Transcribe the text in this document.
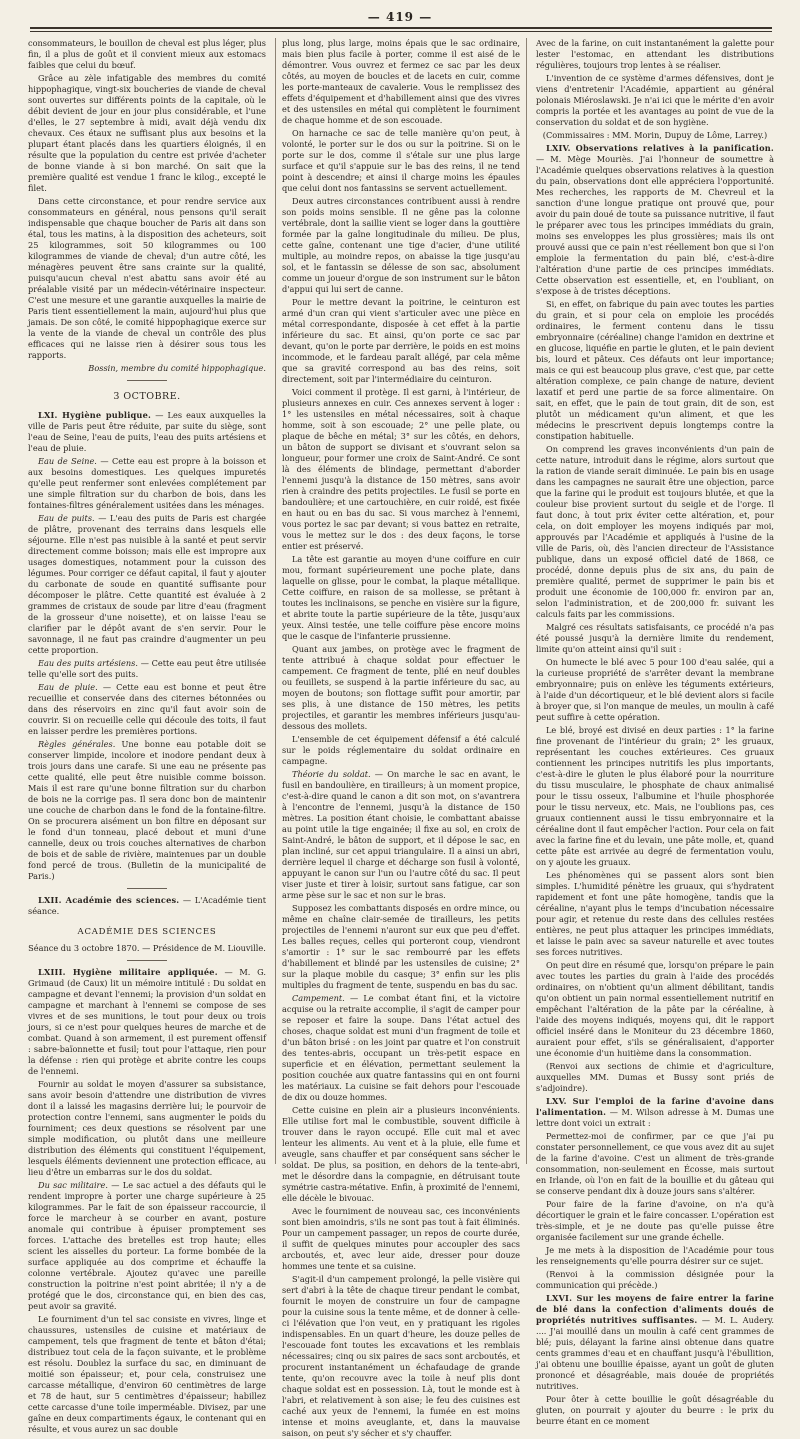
— 419 —

consommateurs, le bouillon de cheval est plus léger, plus fin, il a plus de goût et il convient mieux aux estomacs faibles que celui du bœuf.

Grâce au zèle infatigable des membres du comité hippophagique, vingt-six boucheries de viande de cheval sont ouvertes sur différents points de la capitale, où le débit devient de jour en jour plus considérable, et l'une d'elles, le 27 septembre à midi, avait déjà vendu dix chevaux. Ces étaux ne suffisant plus aux besoins et la plupart étant placés dans les quartiers éloignés, il en résulte que la population du centre est privée d'acheter de bonne viande à si bon marché. On sait que la première qualité est vendue 1 franc le kilog., excepté le filet.

Dans cette circonstance, et pour rendre service aux consommateurs en général, nous pensons qu'il serait indispensable que chaque boucher de Paris ait dans son étal, tous les matins, à la disposition des acheteurs, soit 25 kilogrammes, soit 50 kilogrammes ou 100 kilogrammes de viande de cheval; d'un autre côté, les ménagères peuvent être sans crainte sur la qualité, puisqu'aucun cheval n'est abattu sans avoir été au préalable visité par un médecin-vétérinaire inspecteur. C'est une mesure et une garantie auxquelles la mairie de Paris tient essentiellement la main, aujourd'hui plus que jamais. De son côté, le comité hippophagique exerce sur la vente de la viande de cheval un contrôle des plus efficaces qui ne laisse rien à désirer sous tous les rapports.

Bossin, membre du comité hippophagique.

3 OCTOBRE.

LXI. Hygiène publique. — Les eaux auxquelles la ville de Paris peut être réduite, par suite du siège, sont l'eau de Seine, l'eau de puits, l'eau des puits artésiens et l'eau de pluie.

Eau de Seine. — Cette eau est propre à la boisson et aux besoins domestiques. Les quelques impuretés qu'elle peut renfermer sont enlevées complétement par une simple filtration sur du charbon de bois, dans les fontaines-filtres généralement usitées dans les ménages.

Eau de puits. — L'eau des puits de Paris est chargée de plâtre, provenant des terrains dans lesquels elle séjourne. Elle n'est pas nuisible à la santé et peut servir directement comme boisson; mais elle est impropre aux usages domestiques, notamment pour la cuisson des légumes. Pour corriger ce défaut capital, il faut y ajouter du carbonate de soude en quantité suffisante pour décomposer le plâtre. Cette quantité est évaluée à 2 grammes de cristaux de soude par litre d'eau (fragment de la grosseur d'une noisette), et on laisse l'eau se clarifier par le dépôt avant de s'en servir. Pour le savonnage, il ne faut pas craindre d'augmenter un peu cette proportion.

Eau des puits artésiens. — Cette eau peut être utilisée telle qu'elle sort des puits.

Eau de pluie. — Cette eau est bonne et peut être recueillie et conservée dans des citernes bétonnées ou dans des réservoirs en zinc qu'il faut avoir soin de couvrir. Si on recueille celle qui découle des toits, il faut en laisser perdre les premières portions.

Règles générales. Une bonne eau potable doit se conserver limpide, incolore et inodore pendant deux à trois jours dans une carafe. Si une eau ne présente pas cette qualité, elle peut être nuisible comme boisson. Mais il est rare qu'une bonne filtration sur du charbon de bois ne la corrige pas. Il sera donc bon de maintenir une couche de charbon dans le fond de la fontaine-filtre. On se procurera aisément un bon filtre en déposant sur le fond d'un tonneau, placé debout et muni d'une cannelle, deux ou trois couches alternatives de charbon de bois et de sable de rivière, maintenues par un double fond percé de trous. (Bulletin de la municipalité de Paris.)

LXII. Académie des sciences. — L'Académie tient séance.

ACADÉMIE DES SCIENCES

Séance du 3 octobre 1870. — Présidence de M. Liouville.

LXIII. Hygiène militaire appliquée. — M. G. Grimaud (de Caux) lit un mémoire intitulé : Du soldat en campagne et devant l'ennemi; la provision d'un soldat en campagne et marchant à l'ennemi se compose de ses vivres et de ses munitions, le tout pour deux ou trois jours, si ce n'est pour quelques heures de marche et de combat. Quand à son armement, il est purement offensif : sabre-baïonnette et fusil; tout pour l'attaque, rien pour la défense : rien qui protège et abrite contre les coups de l'ennemi.

Fournir au soldat le moyen d'assurer sa subsistance, sans avoir besoin d'attendre une distribution de vivres dont il a laissé les magasins derrière lui; le pourvoir de protection contre l'ennemi, sans augmenter le poids du fourniment; ces deux questions se résolvent par une simple modification, ou plutôt dans une meilleure distribution des éléments qui constituent l'équipement, lesquels éléments deviennent une protection efficace, au lieu d'être un embarras sur le dos du soldat.

Du sac militaire. — Le sac actuel a des défauts qui le rendent impropre à porter une charge supérieure à 25 kilogrammes. Par le fait de son épaisseur raccourcie, il force le marcheur à se courber en avant, posture anomale qui contribue à épuiser promptement ses forces. L'attache des bretelles est trop haute; elles scient les aisselles du porteur. La forme bombée de la surface appliquée au dos comprime et échauffe la colonne vertébrale. Ajoutez qu'avec une pareille construction la poitrine n'est point abritée; il n'y a de protégé que le dos, circonstance qui, en bien des cas, peut avoir sa gravité.

Le fourniment d'un tel sac consiste en vivres, linge et chaussures, ustensiles de cuisine et matériaux de campement, tels que fragment de tente et bâton d'étai; distribuez tout cela de la façon suivante, et le problème est résolu. Doublez la surface du sac, en diminuant de moitié son épaisseur; et, pour cela, construisez une carcasse métallique, d'environ 60 centimètres de large et 78 de haut, sur 5 centimètres d'épaisseur; habillez cette carcasse d'une toile imperméable. Divisez, par une gaîne en deux compartiments égaux, le contenant qui en résulte, et vous aurez un sac double

plus long, plus large, moins épais que le sac ordinaire, mais bien plus facile à porter, comme il est aisé de le démontrer. Vous ouvrez et fermez ce sac par les deux côtés, au moyen de boucles et de lacets en cuir, comme les porte-manteaux de cavalerie. Vous le remplissez des effets d'équipement et d'habillement ainsi que des vivres et des ustensiles en métal qui complètent le fourniment de chaque homme et de son escouade.

On harnache ce sac de telle manière qu'on peut, à volonté, le porter sur le dos ou sur la poitrine. Si on le porte sur le dos, comme il s'étale sur une plus large surface et qu'il s'appuie sur le bas des reins, il ne tend point à descendre; et ainsi il charge moins les épaules que celui dont nos fantassins se servent actuellement.

Deux autres circonstances contribuent aussi à rendre son poids moins sensible. Il ne gêne pas la colonne vertébrale, dont la saillie vient se loger dans la gouttière formée par la gaîne longitudinale du milieu. De plus, cette gaîne, contenant une tige d'acier, d'une utilité multiple, au moindre repos, on abaisse la tige jusqu'au sol, et le fantassin se délesse de son sac, absolument comme un joueur d'orgue de son instrument sur le bâton d'appui qui lui sert de canne.

Pour le mettre devant la poitrine, le ceinturon est armé d'un cran qui vient s'articuler avec une pièce en métal correspondante, disposée à cet effet à la partie inférieure du sac. Et ainsi, qu'on porte ce sac par devant, qu'on le porte par derrière, le poids en est moins incommode, et le fardeau paraît allégé, par cela même que sa gravité correspond au bas des reins, soit directement, soit par l'intermédiaire du ceinturon.

Voici comment il protège. Il est garni, à l'intérieur, de plusieurs annexes en cuir. Ces annexes servent à loger : 1° les ustensiles en métal nécessaires, soit à chaque homme, soit à son escouade; 2° une pelle plate, ou plaque de bêche en métal; 3° sur les côtés, en dehors, un bâton de support se divisant et s'ouvrant selon sa longueur, pour former une croix de Saint-André. Ce sont là des éléments de blindage, permettant d'aborder l'ennemi jusqu'à la distance de 150 mètres, sans avoir rien à craindre des petits projectiles. Le fusil se porte en bandoulière; et une cartouchière, en cuir roidé, est fixée en haut ou en bas du sac. Si vous marchez à l'ennemi, vous portez le sac par devant; si vous battez en retraite, vous le mettez sur le dos : des deux façons, le torse entier est préservé.

La tête est garantie au moyen d'une coiffure en cuir mou, formant supérieurement une poche plate, dans laquelle on glisse, pour le combat, la plaque métallique. Cette coiffure, en raison de sa mollesse, se prêtant à toutes les inclinaisons, se penche en visière sur la figure, et abrite toute la partie supérieure de la tête, jusqu'aux yeux. Ainsi testée, une telle coiffure pèse encore moins que le casque de l'infanterie prussienne.

Quant aux jambes, on protège avec le fragment de tente attribué à chaque soldat pour effectuer le campement. Ce fragment de tente, plié en neuf doubles ou feuillets, se suspend à la partie inférieure du sac, au moyen de boutons; son flottage suffit pour amortir, par ses plis, à une distance de 150 mètres, les petits projectiles, et garantir les membres inférieurs jusqu'au-dessous des mollets.

L'ensemble de cet équipement défensif a été calculé sur le poids réglementaire du soldat ordinaire en campagne.

Théorie du soldat. — On marche le sac en avant, le fusil en bandoulière, en tirailleurs; à un moment propice, c'est-à-dire quand le canon a dit son mot, on s'avantrera à l'encontre de l'ennemi, jusqu'à la distance de 150 mètres. La position étant choisie, le combattant abaisse au point utile la tige engainée; il fixe au sol, en croix de Saint-André, le bâton de support, et il dépose le sac, en plan incliné, sur cet appui triangulaire. Il a ainsi un abri, derrière lequel il charge et décharge son fusil à volonté, appuyant le canon sur l'un ou l'autre côté du sac. Il peut viser juste et tirer à loisir, surtout sans fatigue, car son arme pèse sur le sac et non sur le bras.

Supposez les combattants disposés en ordre mince, ou même en chaîne clair-semée de tirailleurs, les petits projectiles de l'ennemi n'auront sur eux que peu d'effet. Les balles reçues, celles qui porteront coup, viendront s'amortir : 1° sur le sac rembourré par les effets d'habillement et blindé par les ustensiles de cuisine; 2° sur la plaque mobile du casque; 3° enfin sur les plis multiples du fragment de tente, suspendu en bas du sac.

Campement. — Le combat étant fini, et la victoire acquise ou la retraite accomplie, il s'agit de camper pour se reposer et faire la soupe. Dans l'état actuel des choses, chaque soldat est muni d'un fragment de toile et d'un bâton brisé : on les joint par quatre et l'on construit des tentes-abris, occupant un très-petit espace en superficie et en élévation, permettant seulement la position couchée aux quatre fantassins qui en ont fourni les matériaux. La cuisine se fait dehors pour l'escouade de dix ou douze hommes.

Cette cuisine en plein air a plusieurs inconvénients. Elle utilise fort mal le combustible, souvent difficile à trouver dans le rayon occupé. Elle cuit mal et avec lenteur les aliments. Au vent et à la pluie, elle fume et aveugle, sans chauffer et par conséquent sans sécher le soldat. De plus, sa position, en dehors de la tente-abri, met le désordre dans la compagnie, en détruisant toute symétrie castra-métative. Enfin, à proximité de l'ennemi, elle décèle le bivouac.

Avec le fourniment de nouveau sac, ces inconvénients sont bien amoindris, s'ils ne sont pas tout à fait éliminés. Pour un campement passager, un repos de courte durée, il suffit de quelques minutes pour accoupler des sacs arcboutés, et, avec leur aide, dresser pour douze hommes une tente et sa cuisine.

S'agit-il d'un campement prolongé, la pelle visière qui sert d'abri à la tête de chaque tireur pendant le combat, fournit le moyen de construire un four de campagne pour la cuisine sous la tente même, et de donner à celle-ci l'élévation que l'on veut, en y pratiquant les rigoles indispensables. En un quart d'heure, les douze pelles de l'escouade font toutes les excavations et les remblais nécessaires; cinq ou six paires de sacs sont arcboutés, et procurent instantanément un échafaudage de grande tente, qu'on recouvre avec la toile à neuf plis dont chaque soldat est en possession. Là, tout le monde est à l'abri, et relativement à son aise; le feu des cuisines est caché aux yeux de l'ennemi, la fumée en est moins intense et moins aveuglante, et, dans la mauvaise saison, on peut s'y sécher et s'y chauffer.

Avec de la farine, on cuit instantanément la galette pour lester l'estomac, en attendant les distributions régulières, toujours trop lentes à se réaliser.

L'invention de ce système d'armes défensives, dont je viens d'entretenir l'Académie, appartient au général polonais Miéroslawski. Je n'ai ici que le mérite d'en avoir compris la portée et les avantages au point de vue de la conservation du soldat et de son hygiène.

(Commissaires : MM. Morin, Dupuy de Lôme, Larrey.)

LXIV. Observations relatives à la panification. — M. Mège Mouriès. J'ai l'honneur de soumettre à l'Académie quelques observations relatives à la question du pain, observations dont elle appréciera l'opportunité. Mes recherches, les rapports de M. Chevreul et la sanction d'une longue pratique ont prouvé que, pour avoir du pain doué de toute sa puissance nutritive, il faut le préparer avec tous les principes immédiats du grain, moins ses enveloppes les plus grossières; mais ils ont prouvé aussi que ce pain n'est réellement bon que si l'on emploie la fermentation du pain blé, c'est-à-dire l'altération d'une partie de ces principes immédiats. Cette observation est essentielle, et, en l'oubliant, on s'expose à de tristes déceptions.

Si, en effet, on fabrique du pain avec toutes les parties du grain, et si pour cela on emploie les procédés ordinaires, le ferment contenu dans le tissu embryonnaire (céréaline) change l'amidon en dextrine et en glucose, liquéfie en partie le gluten, et le pain devient bis, lourd et pâteux. Ces défauts ont leur importance; mais ce qui est beaucoup plus grave, c'est que, par cette altération complexe, ce pain change de nature, devient laxatif et perd une partie de sa force alimentaire. On sait, en effet, que le pain de tout grain, dit de son, est plutôt un médicament qu'un aliment, et que les médecins le prescrivent depuis longtemps contre la constipation habituelle.

On comprend les graves inconvénients d'un pain de cette nature, introduit dans le régime, alors surtout que la ration de viande serait diminuée. Le pain bis en usage dans les campagnes ne saurait être une objection, parce que la farine qui le produit est toujours blutée, et que la couleur bise provient surtout du seigle et de l'orge. Il faut donc, à tout prix éviter cette altération, et, pour cela, on doit employer les moyens indiqués par moi, approuvés par l'Académie et appliqués à l'usine de la ville de Paris, où, dès l'ancien directeur de l'Assistance publique, dans un exposé officiel daté de 1868, ce procédé, donne depuis plus de six ans, du pain de première qualité, permet de supprimer le pain bis et produit une économie de 100,000 fr. environ par an, selon l'administration, et de 200,000 fr. suivant les calculs faits par les commissions.

Malgré ces résultats satisfaisants, ce procédé n'a pas été poussé jusqu'à la dernière limite du rendement, limite qu'on atteint ainsi qu'il suit :

On humecte le blé avec 5 pour 100 d'eau salée, qui a la curieuse propriété de s'arrêter devant la membrane embryonnaire; puis on enlève les téguments extérieurs, à l'aide d'un décortiqueur, et le blé devient alors si facile à broyer que, si l'on manque de meules, un moulin à café peut suffire à cette opération.

Le blé, broyé est divisé en deux parties : 1° la farine fine provenant de l'intérieur du grain; 2° les gruaux, représentant les couches extérieures. Ces gruaux contiennent les principes nutritifs les plus importants, c'est-à-dire le gluten le plus élaboré pour la nourriture du tissu musculaire, le phosphate de chaux animalisé pour le tissu osseux, l'albumine et l'huile phosphorée pour le tissu nerveux, etc. Mais, ne l'oublions pas, ces gruaux contiennent aussi le tissu embryonnaire et la céréaline dont il faut empêcher l'action. Pour cela on fait avec la farine fine et du levain, une pâte molle, et, quand cette pâte est arrivée au degré de fermentation voulu, on y ajoute les gruaux.

Les phénomènes qui se passent alors sont bien simples. L'humidité pénètre les gruaux, qui s'hydratent rapidement et font une pâte homogène, tandis que la céréaline, n'ayant plus le temps d'incubation nécessaire pour agir, et retenue du reste dans des cellules restées entières, ne peut plus attaquer les principes immédiats, et laisse le pain avec sa saveur naturelle et avec toutes ses forces nutritives.

On peut dire en résumé que, lorsqu'on prépare le pain avec toutes les parties du grain à l'aide des procédés ordinaires, on n'obtient qu'un aliment débilitant, tandis qu'on obtient un pain normal essentiellement nutritif en empêchant l'altération de la pâte par la céréaline, à l'aide des moyens indiqués, moyens qui, dit le rapport officiel inséré dans le Moniteur du 23 décembre 1860, auraient pour effet, s'ils se généralisaient, d'apporter une économie d'un huitième dans la consommation.

(Renvoi aux sections de chimie et d'agriculture, auxquelles MM. Dumas et Bussy sont priés de s'adjoindre).

LXV. Sur l'emploi de la farine d'avoine dans l'alimentation. — M. Wilson adresse à M. Dumas une lettre dont voici un extrait :

Permettez-moi de confirmer, par ce que j'ai pu constater personnellement, ce que vous avez dit au sujet de la farine d'avoine. C'est un aliment de très-grande consommation, non-seulement en Écosse, mais surtout en Irlande, où l'on en fait de la bouillie et du gâteau qui se conserve pendant dix à douze jours sans s'altérer.

Pour faire de la farine d'avoine, on n'a qu'à décortiquer le grain et le faire concasser. L'opération est très-simple, et je ne doute pas qu'elle puisse être organisée facilement sur une grande échelle.

Je me mets à la disposition de l'Académie pour tous les renseignements qu'elle pourra désirer sur ce sujet.

(Renvoi à la commission désignée pour la communication qui précède.)

LXVI. Sur les moyens de faire entrer la farine de blé dans la confection d'aliments doués de propriétés nutritives suffisantes. — M. L. Audery. .... J'ai mouillé dans un moulin à café cent grammes de blé; puis, délayant la farine ainsi obtenue dans quatre cents grammes d'eau et en chauffant jusqu'à l'ébullition, j'ai obtenu une bouillie épaisse, ayant un goût de gluten prononcé et désagréable, mais douée de propriétés nutritives.

Pour ôter à cette bouillie le goût désagréable du gluten, on pourrait y ajouter du beurre : le prix du beurre étant en ce moment
